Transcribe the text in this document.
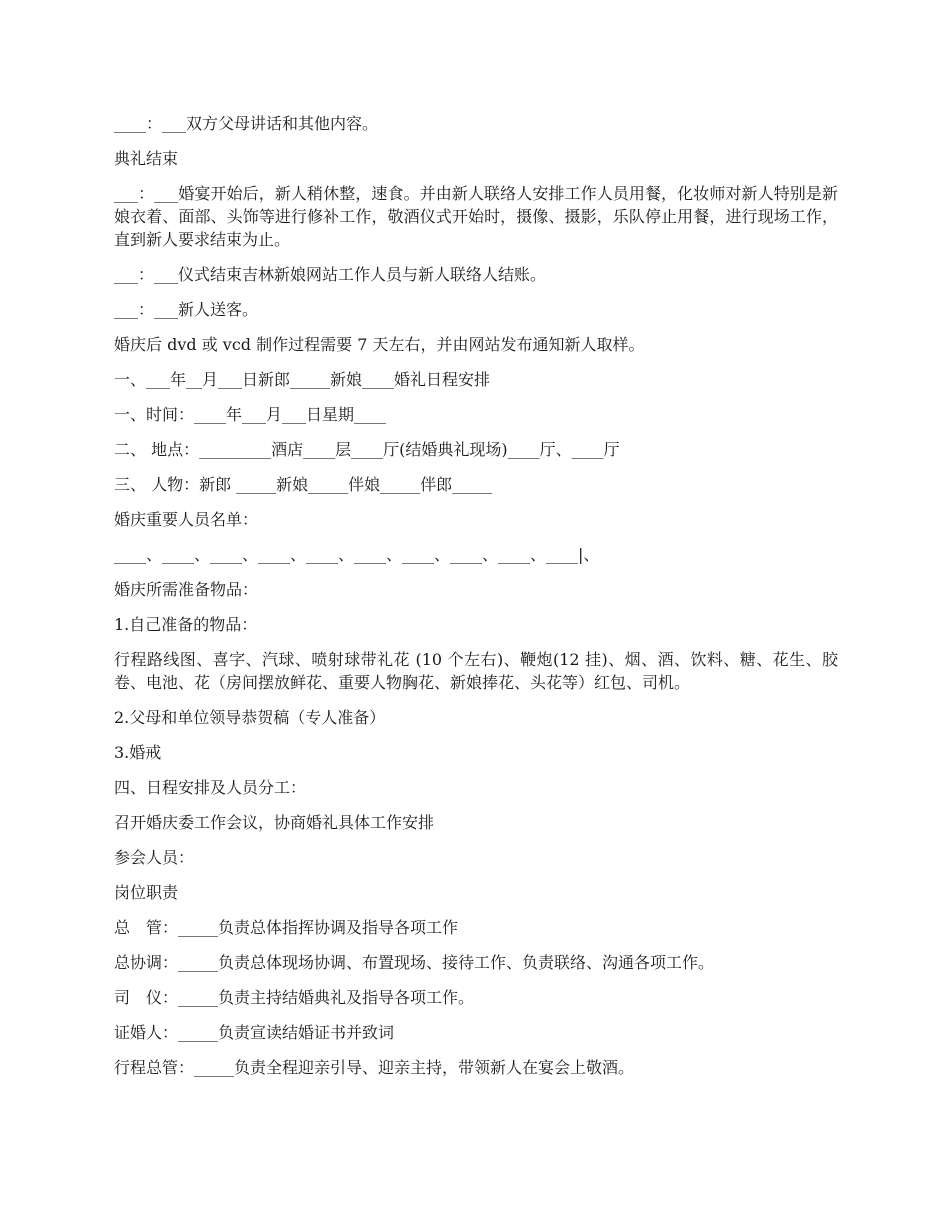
____：___双方父母讲话和其他内容。

典礼结束

___：___婚宴开始后，新人稍休整，速食。并由新人联络人安排工作人员用餐，化妆师对新人特别是新娘衣着、面部、头饰等进行修补工作，敬酒仪式开始时，摄像、摄影，乐队停止用餐，进行现场工作，直到新人要求结束为止。

___：___仪式结束吉林新娘网站工作人员与新人联络人结账。

___：___新人送客。

婚庆后 dvd 或 vcd 制作过程需要 7 天左右，并由网站发布通知新人取样。

一、___年__月___日新郎_____新娘____婚礼日程安排

一、时间：____年___月___日星期____

二、 地点：_________酒店____层____厅(结婚典礼现场)____厅、____厅

三、 人物：新郎 _____新娘_____伴娘_____伴郎_____

婚庆重要人员名单：

____、____、____、____、____、____、____、____、____、____|、

婚庆所需准备物品：

1.自己准备的物品：

行程路线图、喜字、汽球、喷射球带礼花 (10 个左右)、鞭炮(12 挂)、烟、酒、饮料、糖、花生、胶卷、电池、花（房间摆放鲜花、重要人物胸花、新娘捧花、头花等）红包、司机。

2.父母和单位领导恭贺稿（专人准备）

3.婚戒

四、日程安排及人员分工：

召开婚庆委工作会议，协商婚礼具体工作安排

参会人员：

岗位职责

总　管：_____负责总体指挥协调及指导各项工作

总协调：_____负责总体现场协调、布置现场、接待工作、负责联络、沟通各项工作。

司　仪：_____负责主持结婚典礼及指导各项工作。

证婚人：_____负责宣读结婚证书并致词

行程总管：_____负责全程迎亲引导、迎亲主持，带领新人在宴会上敬酒。
